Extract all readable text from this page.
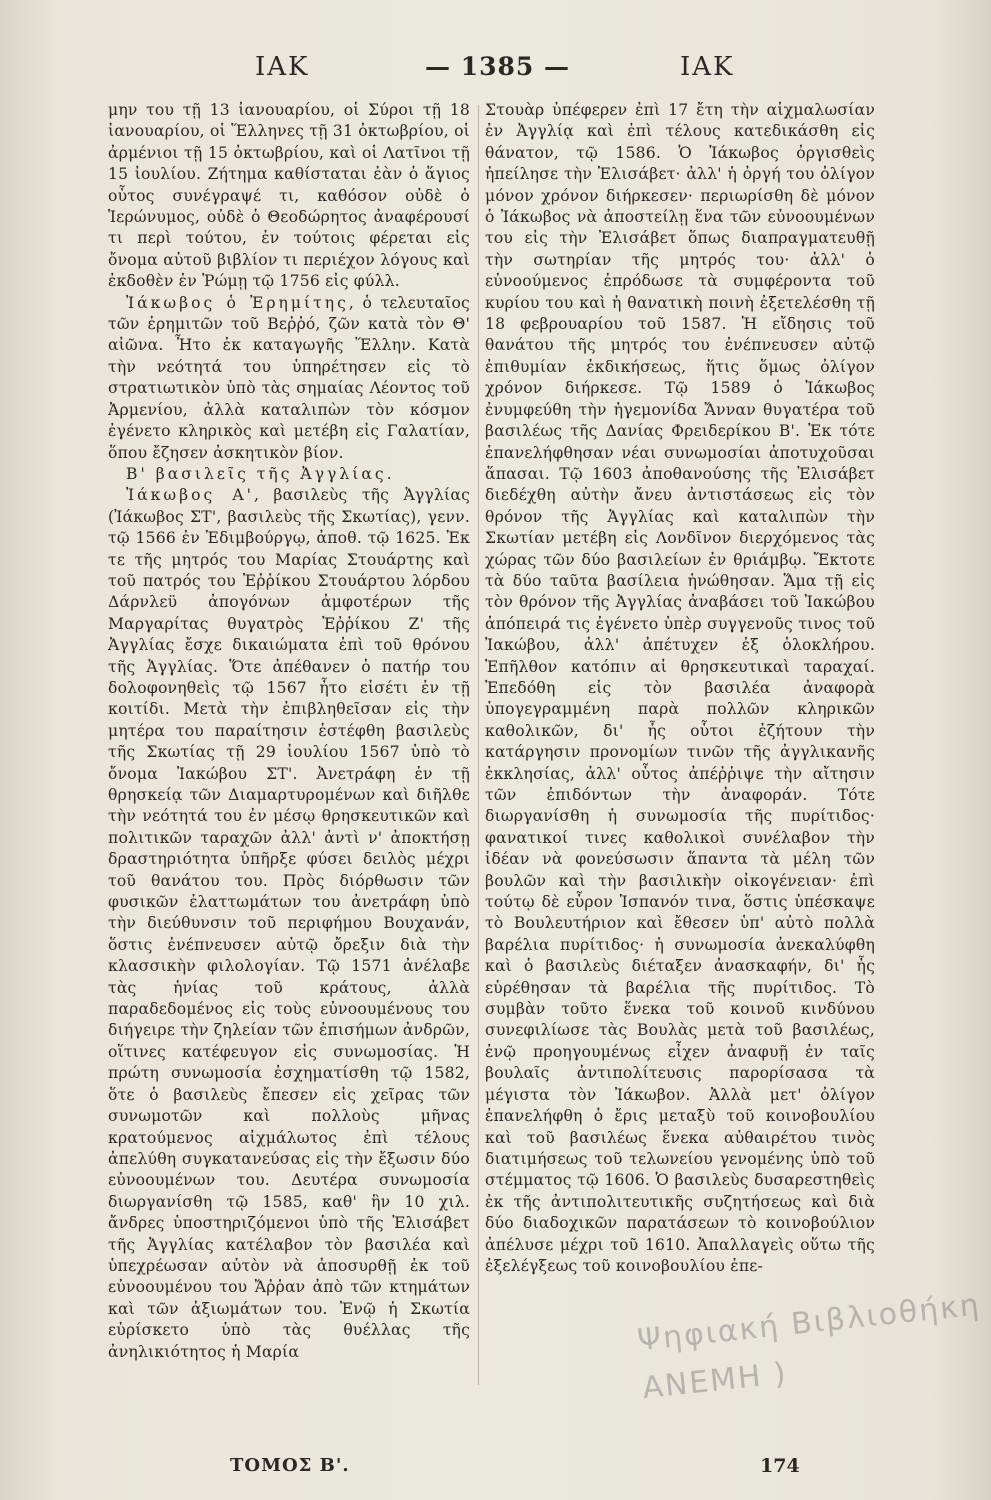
ΙΑΚ	— 1385 —	ΙΑΚ

μην του τῇ 13 ἰανουαρίου, οἱ Σύροι τῇ 18 ἰανουαρίου, οἱ Ἕλληνες τῇ 31 ὀκτωβρίου, οἱ ἀρμένιοι τῇ 15 ὀκτωβρίου, καὶ οἱ Λατῖνοι τῇ 15 ἰουλίου. Ζήτημα καθίσταται ἐὰν ὁ ἅγιος οὗτος συνέγραψέ τι, καθόσον οὐδὲ ὁ Ἱερώνυμος, οὐδὲ ὁ Θεοδώρητος ἀναφέρουσί τι περὶ τούτου, ἐν τούτοις φέρεται εἰς ὄνομα αὐτοῦ βιβλίον τι περιέχον λόγους καὶ ἐκδοθὲν ἐν Ῥώμῃ τῷ 1756 εἰς φύλλ.

Ἰάκωβος ὁ Ἐρημίτης, ὁ τελευταῖος τῶν ἐρημιτῶν τοῦ Βεῤῥό, ζῶν κατὰ τὸν Θ' αἰῶνα. Ἦτο ἐκ καταγωγῆς Ἕλλην. Κατὰ τὴν νεότητά του ὑπηρέτησεν εἰς τὸ στρατιωτικὸν ὑπὸ τὰς σημαίας Λέοντος τοῦ Ἀρμενίου, ἀλλὰ καταλιπὼν τὸν κόσμον ἐγένετο κληρικὸς καὶ μετέβη εἰς Γαλατίαν, ὅπου ἔζησεν ἀσκητικὸν βίον.

Β' βασιλεῖς τῆς Ἀγγλίας.

Ἰάκωβος Α', βασιλεὺς τῆς Ἀγγλίας (Ἰάκωβος ΣΤ', βασιλεὺς τῆς Σκωτίας), γενν. τῷ 1566 ἐν Ἐδιμβούργῳ, ἀποθ. τῷ 1625. Ἐκ τε τῆς μητρός του Μαρίας Στουάρτης καὶ τοῦ πατρός του Ἐῤῥίκου Στουάρτου λόρδου Δάρνλεϋ ἀπογόνων ἀμφοτέρων τῆς Μαργαρίτας θυγατρὸς Ἐῤῥίκου Ζ' τῆς Ἀγγλίας ἔσχε δικαιώματα ἐπὶ τοῦ θρόνου τῆς Ἀγγλίας. Ὅτε ἀπέθανεν ὁ πατήρ του δολοφονηθεὶς τῷ 1567 ἦτο εἰσέτι ἐν τῇ κοιτίδι. Μετὰ τὴν ἐπιβληθεῖσαν εἰς τὴν μητέρα του παραίτησιν ἐστέφθη βασιλεὺς τῆς Σκωτίας τῇ 29 ἰουλίου 1567 ὑπὸ τὸ ὄνομα Ἰακώβου ΣΤ'. Ἀνετράφη ἐν τῇ θρησκείᾳ τῶν Διαμαρτυρομένων καὶ διῆλθε τὴν νεότητά του ἐν μέσῳ θρησκευτικῶν καὶ πολιτικῶν ταραχῶν ἀλλ' ἀντὶ ν' ἀποκτήσῃ δραστηριότητα ὑπῆρξε φύσει δειλὸς μέχρι τοῦ θανάτου του. Πρὸς διόρθωσιν τῶν φυσικῶν ἐλαττωμάτων του ἀνετράφη ὑπὸ τὴν διεύθυνσιν τοῦ περιφήμου Βουχανάν, ὅστις ἐνέπνευσεν αὐτῷ ὄρεξιν διὰ τὴν κλασσικὴν φιλολογίαν. Τῷ 1571 ἀνέλαβε τὰς ἡνίας τοῦ κράτους, ἀλλὰ παραδεδομένος εἰς τοὺς εὐνοουμένους του διήγειρε τὴν ζηλείαν τῶν ἐπισήμων ἀνδρῶν, οἵτινες κατέφευγον εἰς συνωμοσίας. Ἡ πρώτη συνωμοσία ἐσχηματίσθη τῷ 1582, ὅτε ὁ βασιλεὺς ἔπεσεν εἰς χεῖρας τῶν συνωμοτῶν καὶ πολλοὺς μῆνας κρατούμενος αἰχμάλωτος ἐπὶ τέλους ἀπελύθη συγκατανεύσας εἰς τὴν ἔξωσιν δύο εὐνοουμένων του. Δευτέρα συνωμοσία διωργανίσθη τῷ 1585, καθ' ἣν 10 χιλ. ἄνδρες ὑποστηριζόμενοι ὑπὸ τῆς Ἐλισάβετ τῆς Ἀγγλίας κατέλαβον τὸν βασιλέα καὶ ὑπεχρέωσαν αὐτὸν νὰ ἀποσυρθῇ ἐκ τοῦ εὐνοουμένου του Ἄῤῥαν ἀπὸ τῶν κτημάτων καὶ τῶν ἀξιωμάτων του. Ἐνῷ ἡ Σκωτία εὑρίσκετο ὑπὸ τὰς θυέλλας τῆς ἀνηλικιότητος ἡ Μαρία

Στουὰρ ὑπέφερεν ἐπὶ 17 ἔτη τὴν αἰχμαλωσίαν ἐν Ἀγγλίᾳ καὶ ἐπὶ τέλους κατεδικάσθη εἰς θάνατον, τῷ 1586. Ὁ Ἰάκωβος ὀργισθεὶς ἠπείλησε τὴν Ἐλισάβετ· ἀλλ' ἡ ὀργή του ὀλίγον μόνον χρόνον διήρκεσεν· περιωρίσθη δὲ μόνον ὁ Ἰάκωβος νὰ ἀποστείλῃ ἕνα τῶν εὐνοουμένων του εἰς τὴν Ἐλισάβετ ὅπως διαπραγματευθῇ τὴν σωτηρίαν τῆς μητρός του· ἀλλ' ὁ εὐνοούμενος ἐπρόδωσε τὰ συμφέροντα τοῦ κυρίου του καὶ ἡ θανατικὴ ποινὴ ἐξετελέσθη τῇ 18 φεβρουαρίου τοῦ 1587. Ἡ εἴδησις τοῦ θανάτου τῆς μητρός του ἐνέπνευσεν αὐτῷ ἐπιθυμίαν ἐκδικήσεως, ἥτις ὅμως ὀλίγον χρόνον διήρκεσε. Τῷ 1589 ὁ Ἰάκωβος ἐνυμφεύθη τὴν ἡγεμονίδα Ἄνναν θυγατέρα τοῦ βασιλέως τῆς Δανίας Φρειδερίκου Β'. Ἐκ τότε ἐπανελήφθησαν νέαι συνωμοσίαι ἀποτυχοῦσαι ἅπασαι. Τῷ 1603 ἀποθανούσης τῆς Ἐλισάβετ διεδέχθη αὐτὴν ἄνευ ἀντιστάσεως εἰς τὸν θρόνον τῆς Ἀγγλίας καὶ καταλιπὼν τὴν Σκωτίαν μετέβη εἰς Λονδῖνον διερχόμενος τὰς χώρας τῶν δύο βασιλείων ἐν θριάμβῳ. Ἔκτοτε τὰ δύο ταῦτα βασίλεια ἡνώθησαν. Ἅμα τῇ εἰς τὸν θρόνον τῆς Ἀγγλίας ἀναβάσει τοῦ Ἰακώβου ἀπόπειρά τις ἐγένετο ὑπὲρ συγγενοῦς τινος τοῦ Ἰακώβου, ἀλλ' ἀπέτυχεν ἐξ ὁλοκλήρου. Ἐπῆλθον κατόπιν αἱ θρησκευτικαὶ ταραχαί. Ἐπεδόθη εἰς τὸν βασιλέα ἀναφορὰ ὑπογεγραμμένη παρὰ πολλῶν κληρικῶν καθολικῶν, δι' ἧς οὗτοι ἐζήτουν τὴν κατάργησιν προνομίων τινῶν τῆς ἀγγλικανῆς ἐκκλησίας, ἀλλ' οὗτος ἀπέῤῥιψε τὴν αἴτησιν τῶν ἐπιδόντων τὴν ἀναφοράν. Τότε διωργανίσθη ἡ συνωμοσία τῆς πυρίτιδος· φανατικοί τινες καθολικοὶ συνέλαβον τὴν ἰδέαν νὰ φονεύσωσιν ἅπαντα τὰ μέλη τῶν βουλῶν καὶ τὴν βασιλικὴν οἰκογένειαν· ἐπὶ τούτῳ δὲ εὗρον Ἱσπανόν τινα, ὅστις ὑπέσκαψε τὸ Βουλευτήριον καὶ ἔθεσεν ὑπ' αὐτὸ πολλὰ βαρέλια πυρίτιδος· ἡ συνωμοσία ἀνεκαλύφθη καὶ ὁ βασιλεὺς διέταξεν ἀνασκαφήν, δι' ἧς εὑρέθησαν τὰ βαρέλια τῆς πυρίτιδος. Τὸ συμβὰν τοῦτο ἕνεκα τοῦ κοινοῦ κινδύνου συνεφιλίωσε τὰς Βουλὰς μετὰ τοῦ βασιλέως, ἐνῷ προηγουμένως εἶχεν ἀναφυῇ ἐν ταῖς βουλαῖς ἀντιπολίτευσις παρορίσασα τὰ μέγιστα τὸν Ἰάκωβον. Ἀλλὰ μετ' ὀλίγον ἐπανελήφθη ὁ ἔρις μεταξὺ τοῦ κοινοβουλίου καὶ τοῦ βασιλέως ἕνεκα αὐθαιρέτου τινὸς διατιμήσεως τοῦ τελωνείου γενομένης ὑπὸ τοῦ στέμματος τῷ 1606. Ὁ βασιλεὺς δυσαρεστηθεὶς ἐκ τῆς ἀντιπολιτευτικῆς συζητήσεως καὶ διὰ δύο διαδοχικῶν παρατάσεων τὸ κοινοβούλιον ἀπέλυσε μέχρι τοῦ 1610. Ἀπαλλαγεὶς οὕτω τῆς ἐξελέγξεως τοῦ κοινοβουλίου ἐπε-

Ψηφιακή Βιβλιοθήκη
ΑΝΕΜΗ )
ΤΟΜΟΣ Β'.	174
